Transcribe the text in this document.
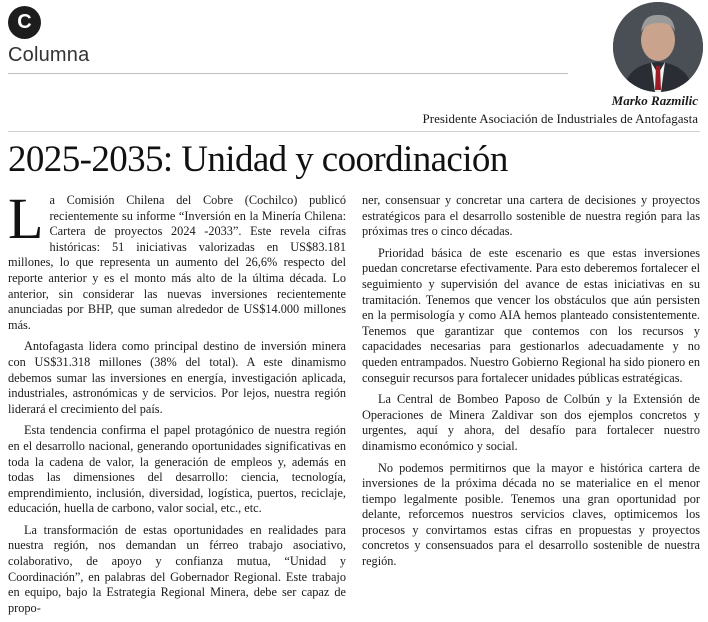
C
Columna
Marko Razmilic
Presidente Asociación de Industriales de Antofagasta
2025-2035: Unidad y coordinación

La Comisión Chilena del Cobre (Cochilco) publicó recientemente su informe “Inversión en la Minería Chilena: Cartera de proyectos 2024 -2033”. Este revela cifras históricas: 51 iniciativas valorizadas en US$83.181 millones, lo que representa un aumento del 26,6% respecto del reporte anterior y es el monto más alto de la última década. Lo anterior, sin considerar las nuevas inversiones recientemente anunciadas por BHP, que suman alrededor de US$14.000 millones más.

Antofagasta lidera como principal destino de inversión minera con US$31.318 millones (38% del total). A este dinamismo debemos sumar las inversiones en energía, investigación aplicada, industriales, astronómicas y de servicios. Por lejos, nuestra región liderará el crecimiento del país.

Esta tendencia confirma el papel protagónico de nuestra región en el desarrollo nacional, generando oportunidades significativas en toda la cadena de valor, la generación de empleos y, además en todas las dimensiones del desarrollo: ciencia, tecnología, emprendimiento, inclusión, diversidad, logística, puertos, reciclaje, educación, huella de carbono, valor social, etc., etc.

La transformación de estas oportunidades en realidades para nuestra región, nos demandan un férreo trabajo asociativo, colaborativo, de apoyo y confianza mutua, “Unidad y Coordinación”, en palabras del Gobernador Regional. Este trabajo en equipo, bajo la Estrategia Regional Minera, debe ser capaz de propo-

ner, consensuar y concretar una cartera de decisiones y proyectos estratégicos para el desarrollo sostenible de nuestra región para las próximas tres o cinco décadas.

Prioridad básica de este escenario es que estas inversiones puedan concretarse efectivamente. Para esto deberemos fortalecer el seguimiento y supervisión del avance de estas iniciativas en su tramitación. Tenemos que vencer los obstáculos que aún persisten en la permisología y como AIA hemos planteado consistentemente. Tenemos que garantizar que contemos con los recursos y capacidades necesarias para gestionarlos adecuadamente y no queden entrampados. Nuestro Gobierno Regional ha sido pionero en conseguir recursos para fortalecer unidades públicas estratégicas.

La Central de Bombeo Paposo de Colbún y la Extensión de Operaciones de Minera Zaldivar son dos ejemplos concretos y urgentes, aquí y ahora, del desafío para fortalecer nuestro dinamismo económico y social.

No podemos permitirnos que la mayor e histórica cartera de inversiones de la próxima década no se materialice en el menor tiempo legalmente posible. Tenemos una gran oportunidad por delante, reforcemos nuestros servicios claves, optimicemos los procesos y convirtamos estas cifras en propuestas y proyectos concretos y consensuados para el desarrollo sostenible de nuestra región.
